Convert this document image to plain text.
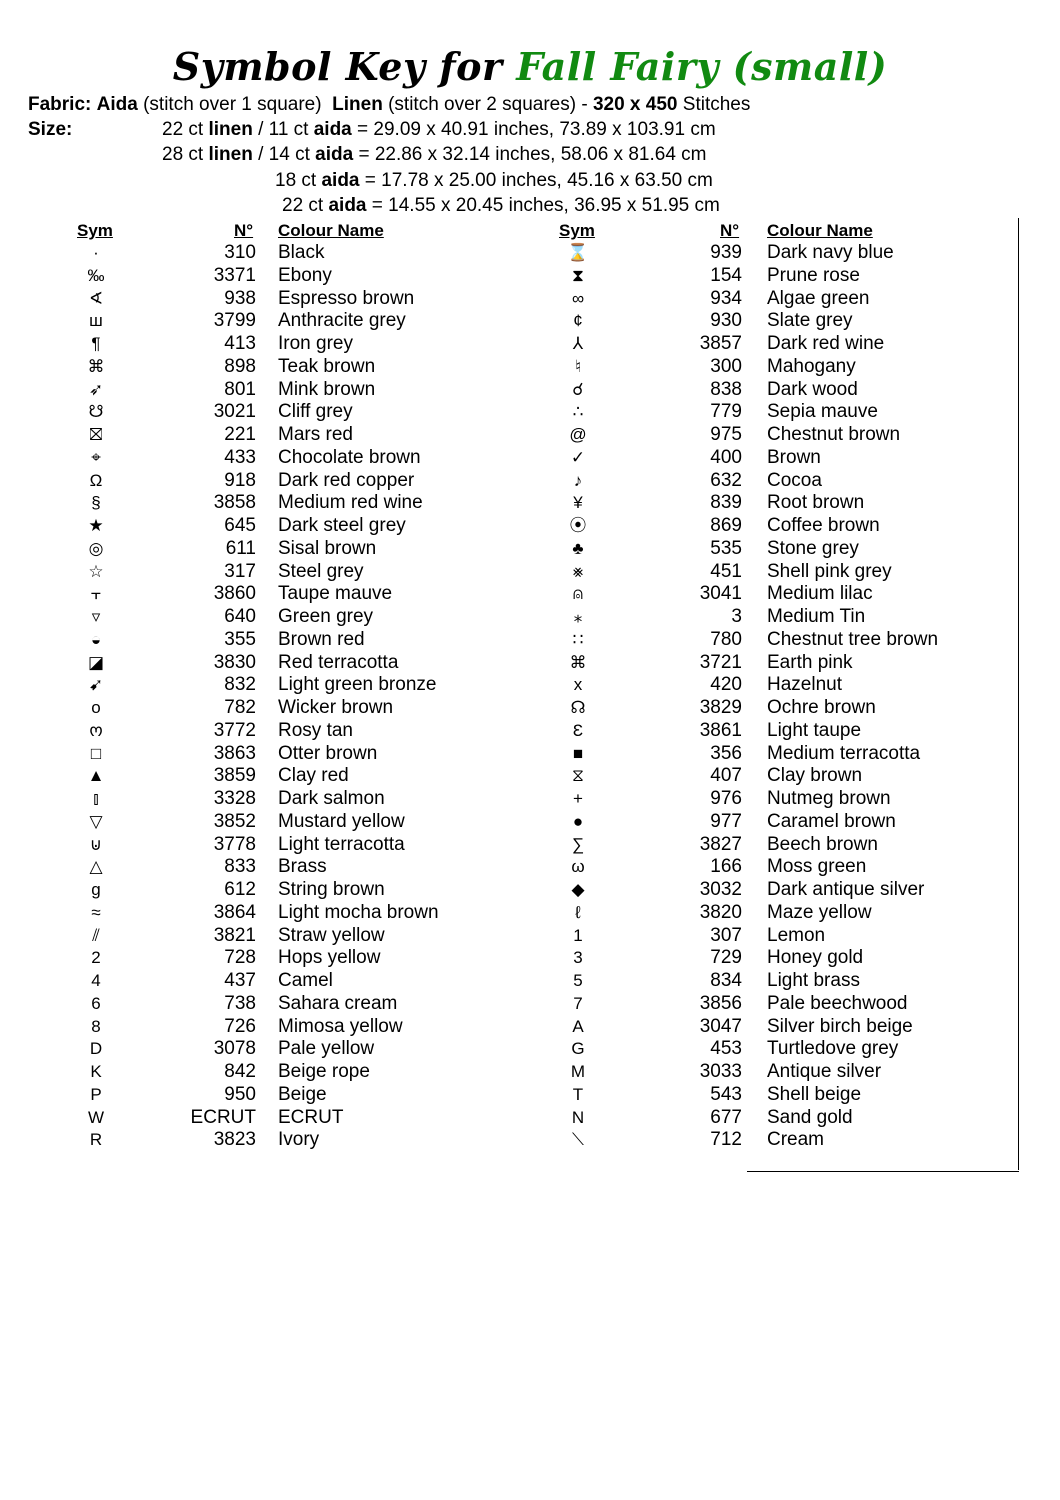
Symbol Key for Fall Fairy (small)
Fabric: Aida (stitch over 1 square) Linen (stitch over 2 squares) - 320 x 450 Stitches
Size:	22 ct linen / 11 ct aida = 29.09 x 40.91 inches, 73.89 x 103.91 cm
28 ct linen / 14 ct aida = 22.86 x 32.14 inches, 58.06 x 81.64 cm
18 ct aida = 17.78 x 25.00 inches, 45.16 x 63.50 cm
22 ct aida = 14.55 x 20.45 inches, 36.95 x 51.95 cm
Sym	N° Colour Name	Sym	N° Colour Name
·	310 Black
‰	3371 Ebony
∢	938 Espresso brown
ш	3799 Anthracite grey
¶	413 Iron grey
⌘	898 Teak brown
➶	801 Mink brown
☋	3021 Cliff grey
⛝	221 Mars red
⌖	433 Chocolate brown
Ω	918 Dark red copper
§	3858 Medium red wine
★	645 Dark steel grey
◎	611 Sisal brown
☆	317 Steel grey
⫟	3860 Taupe mauve
▿	640 Green grey
◒	355 Brown red
◪	3830 Red terracotta
➹	832 Light green bronze
o	782 Wicker brown
ო	3772 Rosy tan
□	3863 Otter brown
▲	3859 Clay red
⫾	3328 Dark salmon
▽	3852 Mustard yellow
⊍	3778 Light terracotta
△	833 Brass
g	612 String brown
≈	3864 Light mocha brown
⫽	3821 Straw yellow
2	728 Hops yellow
4	437 Camel
6	738 Sahara cream
8	726 Mimosa yellow
D	3078 Pale yellow
K	842 Beige rope
P	950 Beige
W	ECRUT ECRUT
R	3823 Ivory
⌛	939 Dark navy blue
⧗	154 Prune rose
∞	934 Algae green
¢	930 Slate grey
⅄	3857 Dark red wine
♮	300 Mahogany
☌	838 Dark wood
∴	779 Sepia mauve
@	975 Chestnut brown
✓	400 Brown
♪	632 Cocoa
¥	839 Root brown
⦿	869 Coffee brown
♣	535 Stone grey
⨳	451 Shell pink grey
⍝	3041 Medium lilac
⁎	3 Medium Tin
∷	780 Chestnut tree brown
⌘	3721 Earth pink
x	420 Hazelnut
☊	3829 Ochre brown
Ɛ	3861 Light taupe
■	356 Medium terracotta
⧖	407 Clay brown
+	976 Nutmeg brown
●	977 Caramel brown
∑	3827 Beech brown
ω	166 Moss green
◆	3032 Dark antique silver
ℓ	3820 Maze yellow
1	307 Lemon
3	729 Honey gold
5	834 Light brass
7	3856 Pale beechwood
A	3047 Silver birch beige
G	453 Turtledove grey
M	3033 Antique silver
T	543 Shell beige
N	677 Sand gold
⟍	712 Cream
